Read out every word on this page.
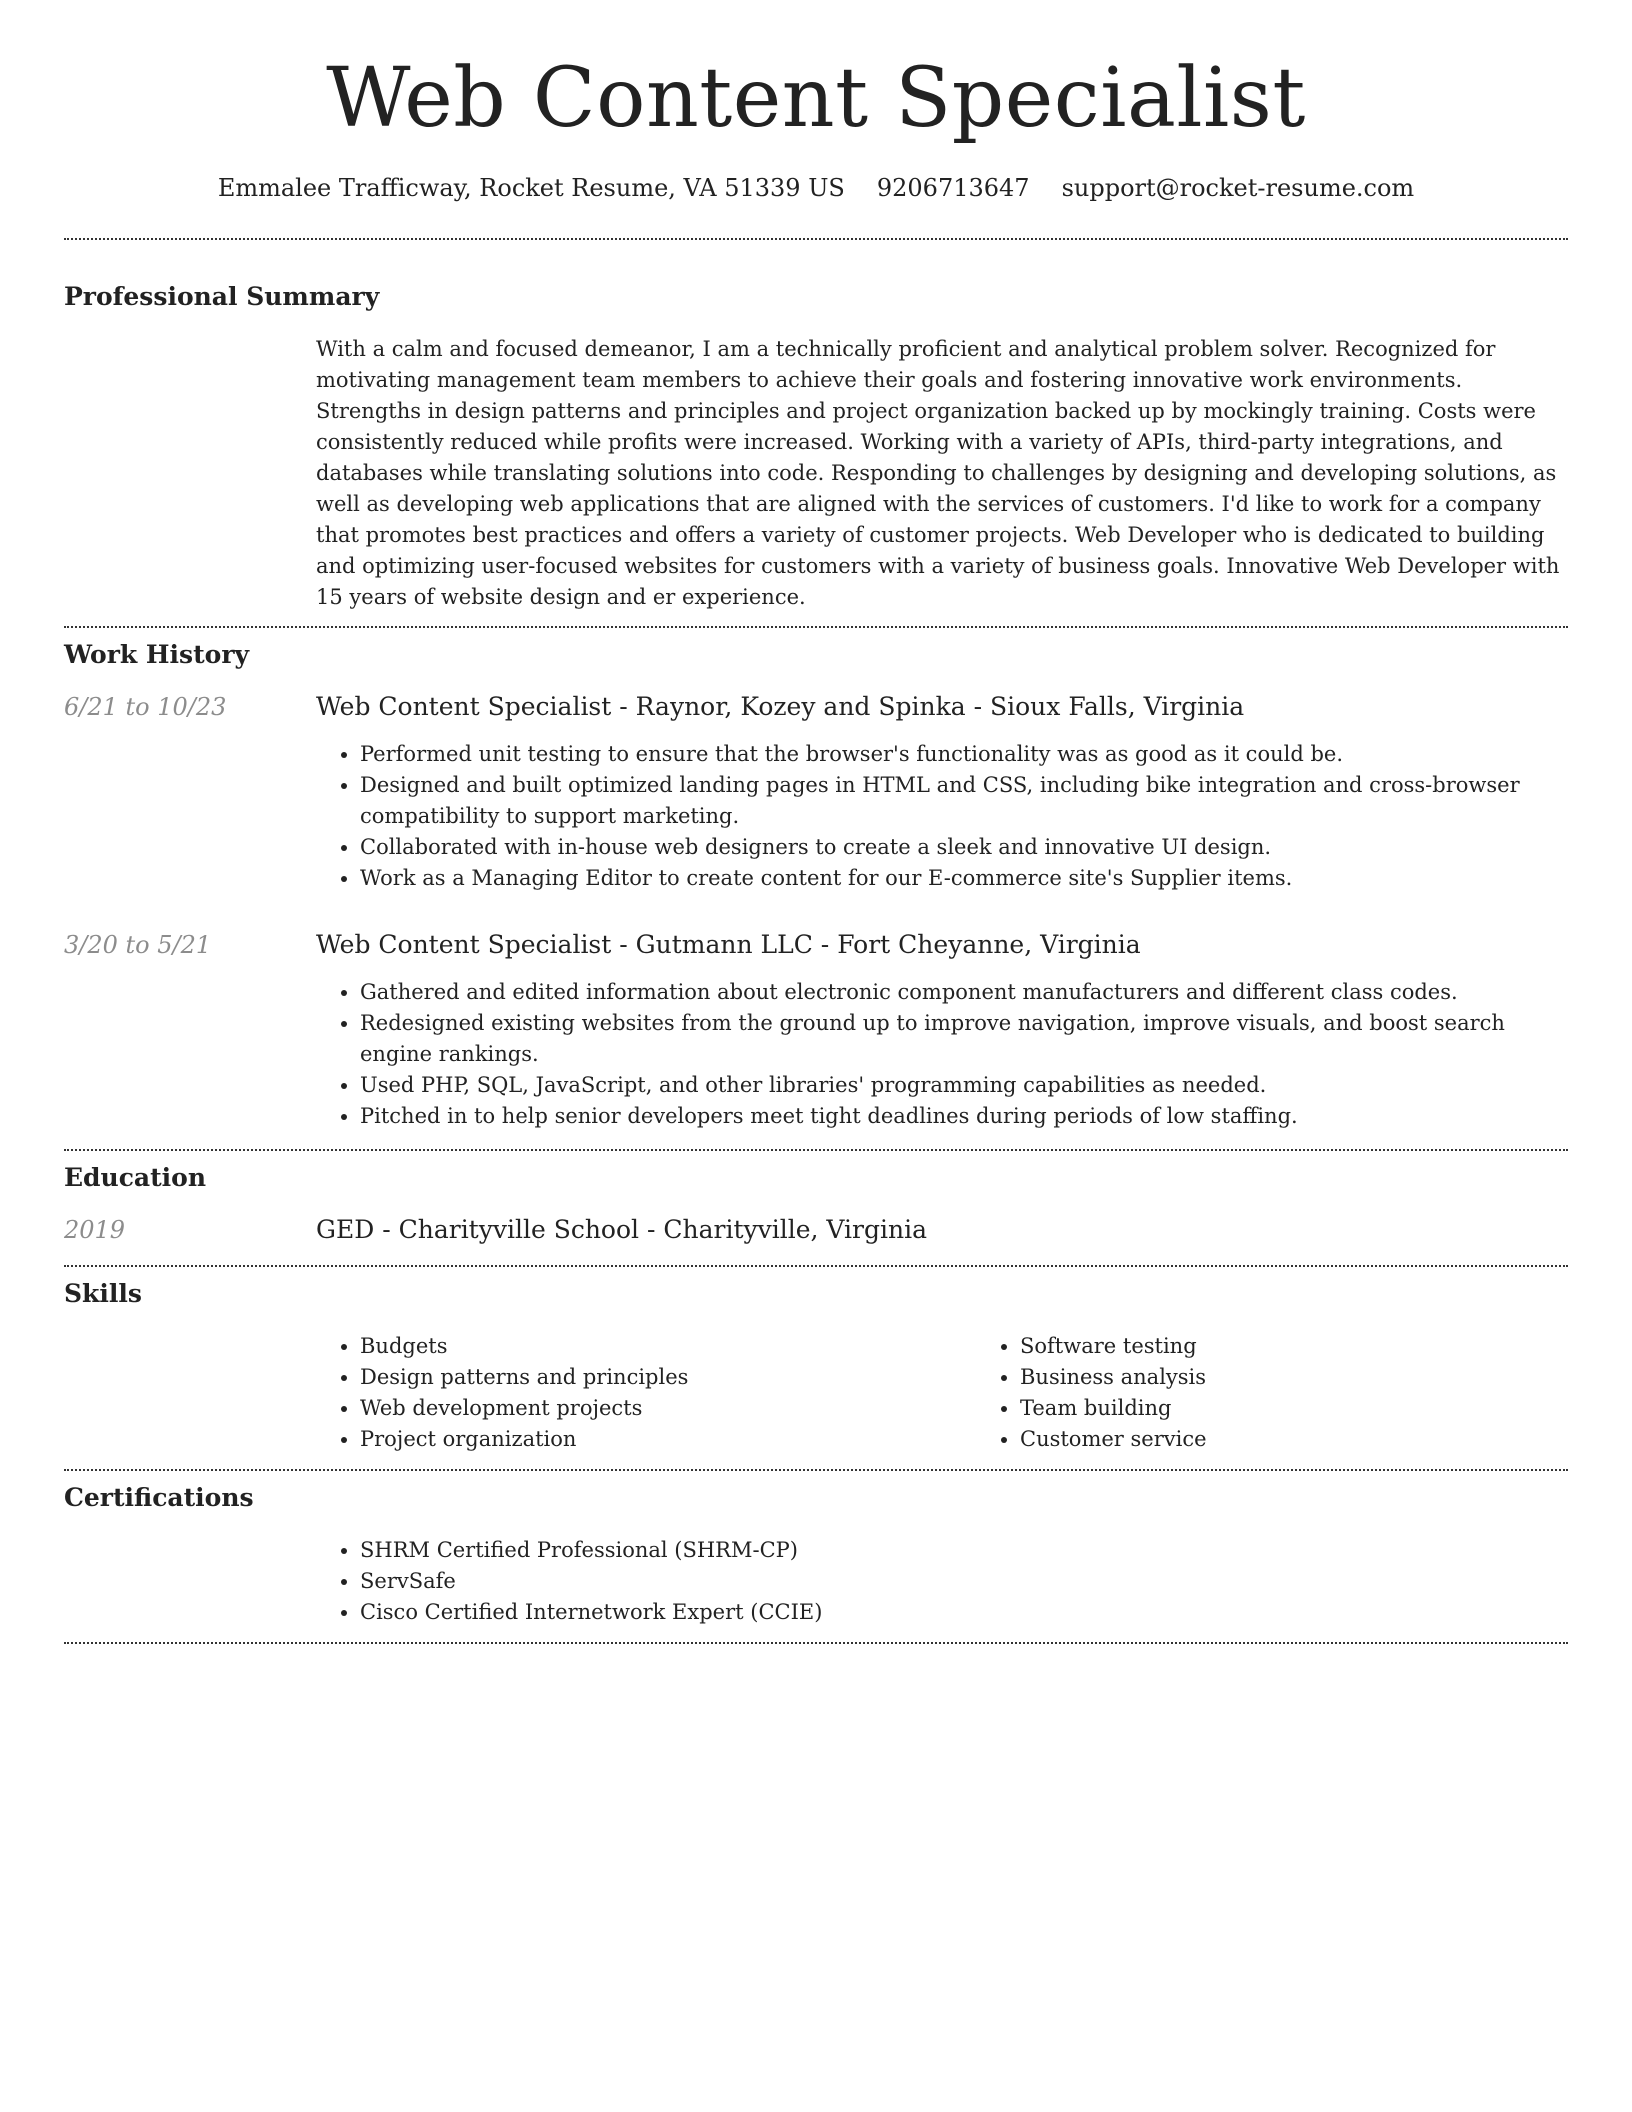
Web Content Specialist
Emmalee Trafficway, Rocket Resume, VA 51339 US 9206713647 support@rocket-resume.com
Professional Summary

With a calm and focused demeanor, I am a technically proficient and analytical problem solver. Recognized for motivating management team members to achieve their goals and fostering innovative work environments. Strengths in design patterns and principles and project organization backed up by mockingly training. Costs were consistently reduced while profits were increased. Working with a variety of APIs, third-party integrations, and databases while translating solutions into code. Responding to challenges by designing and developing solutions, as well as developing web applications that are aligned with the services of customers. I'd like to work for a company that promotes best practices and offers a variety of customer projects. Web Developer who is dedicated to building and optimizing user-focused websites for customers with a variety of business goals. Innovative Web Developer with 15 years of website design and er experience.

Work History
6/21 to 10/23	Web Content Specialist - Raynor, Kozey and Spinka - Sioux Falls, Virginia
• Performed unit testing to ensure that the browser's functionality was as good as it could be.
• Designed and built optimized landing pages in HTML and CSS, including bike integration and cross-browser compatibility to support marketing.
• Collaborated with in-house web designers to create a sleek and innovative UI design.
• Work as a Managing Editor to create content for our E-commerce site's Supplier items.
3/20 to 5/21	Web Content Specialist - Gutmann LLC - Fort Cheyanne, Virginia
• Gathered and edited information about electronic component manufacturers and different class codes.
• Redesigned existing websites from the ground up to improve navigation, improve visuals, and boost search engine rankings.
• Used PHP, SQL, JavaScript, and other libraries' programming capabilities as needed.
• Pitched in to help senior developers meet tight deadlines during periods of low staffing.
Education
2019	GED - Charityville School - Charityville, Virginia
Skills
• Budgets
• Design patterns and principles
• Web development projects
• Project organization
• Software testing
• Business analysis
• Team building
• Customer service
Certifications
• SHRM Certified Professional (SHRM-CP)
• ServSafe
• Cisco Certified Internetwork Expert (CCIE)
